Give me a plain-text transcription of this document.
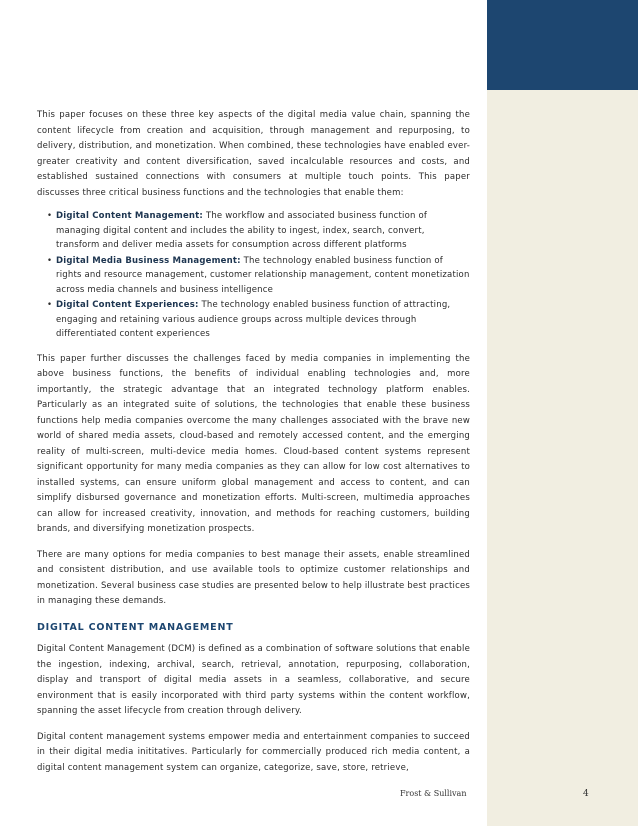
This paper focuses on these three key aspects of the digital media value chain, spanning the content lifecycle from creation and acquisition, through management and repurposing, to delivery, distribution, and monetization. When combined, these technologies have enabled ever-greater creativity and content diversification, saved incalculable resources and costs, and established sustained connections with consumers at multiple touch points. This paper discusses three critical business functions and the technologies that enable them:

• Digital Content Management: The workflow and associated business function of managing digital content and includes the ability to ingest, index, search, convert, transform and deliver media assets for consumption across different platforms
• Digital Media Business Management: The technology enabled business function of rights and resource management, customer relationship management, content monetization across media channels and business intelligence
• Digital Content Experiences: The technology enabled business function of attracting, engaging and retaining various audience groups across multiple devices through differentiated content experiences

This paper further discusses the challenges faced by media companies in implementing the above business functions, the benefits of individual enabling technologies and, more importantly, the strategic advantage that an integrated technology platform enables. Particularly as an integrated suite of solutions, the technologies that enable these business functions help media companies overcome the many challenges associated with the brave new world of shared media assets, cloud-based and remotely accessed content, and the emerging reality of multi-screen, multi-device media homes. Cloud-based content systems represent significant opportunity for many media companies as they can allow for low cost alternatives to installed systems, can ensure uniform global management and access to content, and can simplify disbursed governance and monetization efforts. Multi-screen, multimedia approaches can allow for increased creativity, innovation, and methods for reaching customers, building brands, and diversifying monetization prospects.

There are many options for media companies to best manage their assets, enable streamlined and consistent distribution, and use available tools to optimize customer relationships and monetization. Several business case studies are presented below to help illustrate best practices in managing these demands.

DIGITAL CONTENT MANAGEMENT

Digital Content Management (DCM) is defined as a combination of software solutions that enable the ingestion, indexing, archival, search, retrieval, annotation, repurposing, collaboration, display and transport of digital media assets in a seamless, collaborative, and secure environment that is easily incorporated with third party systems within the content workflow, spanning the asset lifecycle from creation through delivery.

Digital content management systems empower media and entertainment companies to succeed in their digital media inititatives. Particularly for commercially produced rich media content, a digital content management system can organize, categorize, save, store, retrieve,

Frost & Sullivan	4
